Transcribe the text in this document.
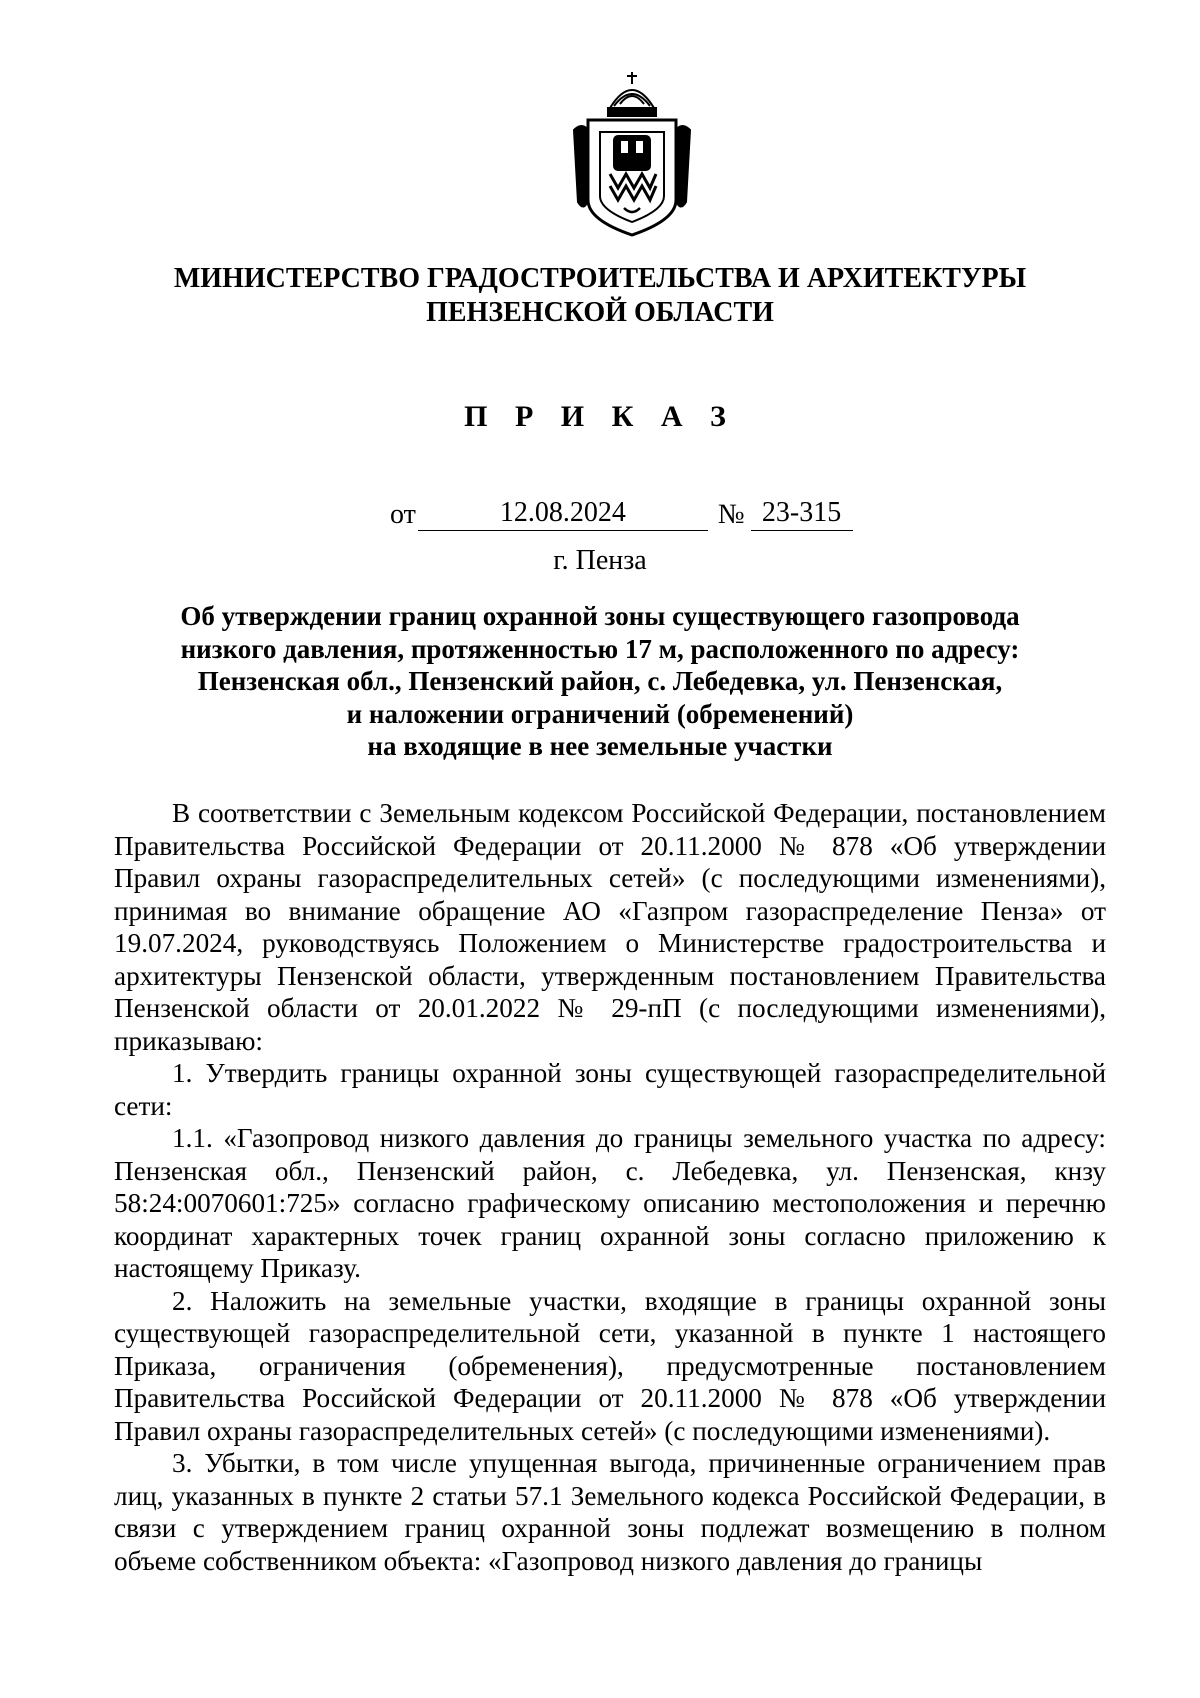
МИНИСТЕРСТВО ГРАДОСТРОИТЕЛЬСТВА И АРХИТЕКТУРЫ
ПЕНЗЕНСКОЙ ОБЛАСТИ
П Р И К А З
от	12.08.2024	№ 23-315
г. Пенза
Об утверждении границ охранной зоны существующего газопровода
низкого давления, протяженностью 17 м, расположенного по адресу:
Пензенская обл., Пензенский район, с. Лебедевка, ул. Пензенская,
и наложении ограничений (обременений)
на входящие в нее земельные участки

В соответствии с Земельным кодексом Российской Федерации, постановлением Правительства Российской Федерации от 20.11.2000 № 878 «Об утверждении Правил охраны газораспределительных сетей» (с последующими изменениями), принимая во внимание обращение АО «Газпром газораспределение Пенза» от 19.07.2024, руководствуясь Положением о Министерстве градостроительства и архитектуры Пензенской области, утвержденным постановлением Правительства Пензенской области от 20.01.2022 № 29-пП (с последующими изменениями), приказываю:

1. Утвердить границы охранной зоны существующей газораспределительной сети:

1.1. «Газопровод низкого давления до границы земельного участка по адресу: Пензенская обл., Пензенский район, с. Лебедевка, ул. Пензенская, кнзу 58:24:0070601:725» согласно графическому описанию местоположения и перечню координат характерных точек границ охранной зоны согласно приложению к настоящему Приказу.

2. Наложить на земельные участки, входящие в границы охранной зоны существующей газораспределительной сети, указанной в пункте 1 настоящего Приказа, ограничения (обременения), предусмотренные постановлением Правительства Российской Федерации от 20.11.2000 № 878 «Об утверждении Правил охраны газораспределительных сетей» (с последующими изменениями).

3. Убытки, в том числе упущенная выгода, причиненные ограничением прав лиц, указанных в пункте 2 статьи 57.1 Земельного кодекса Российской Федерации, в связи с утверждением границ охранной зоны подлежат возмещению в полном объеме собственником объекта: «Газопровод низкого давления до границы
